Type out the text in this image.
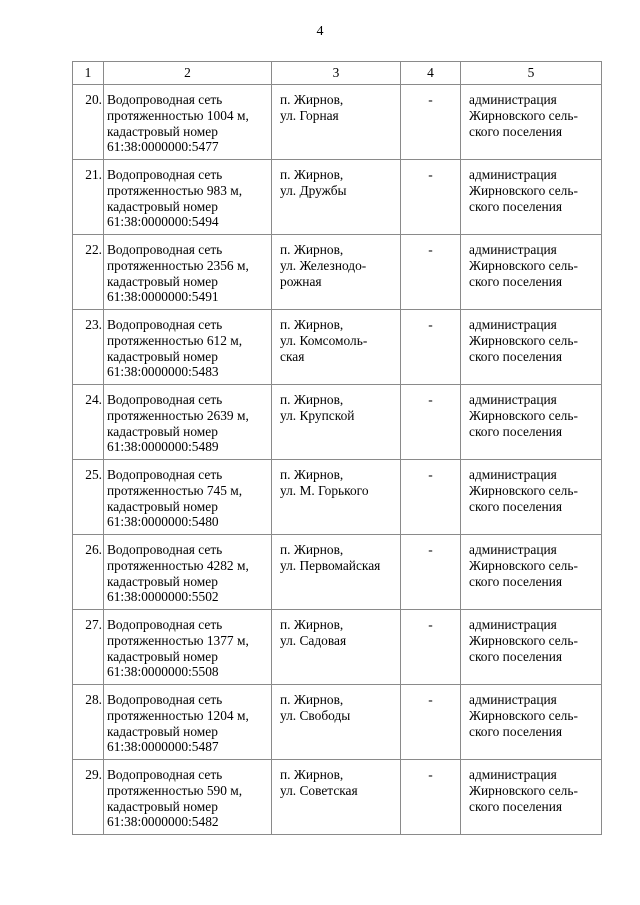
4
1	2	3	4	5
20.	Водопроводная сеть
протяженностью 1004 м,
кадастровый номер
61:38:0000000:5477	п. Жирнов,
ул. Горная	-	администрация
Жирновского сель-
ского поселения

21.	Водопроводная сеть
протяженностью 983 м,
кадастровый номер
61:38:0000000:5494	п. Жирнов,
ул. Дружбы	-	администрация
Жирновского сель-
ского поселения

22.	Водопроводная сеть
протяженностью 2356 м,
кадастровый номер
61:38:0000000:5491	п. Жирнов,
ул. Железнодо-
рожная	-	администрация
Жирновского сель-
ского поселения

23.	Водопроводная сеть
протяженностью 612 м,
кадастровый номер
61:38:0000000:5483	п. Жирнов,
ул. Комсомоль-
ская	-	администрация
Жирновского сель-
ского поселения

24.	Водопроводная сеть
протяженностью 2639 м,
кадастровый номер
61:38:0000000:5489	п. Жирнов,
ул. Крупской	-	администрация
Жирновского сель-
ского поселения

25.	Водопроводная сеть
протяженностью 745 м,
кадастровый номер
61:38:0000000:5480	п. Жирнов,
ул. М. Горького	-	администрация
Жирновского сель-
ского поселения

26.	Водопроводная сеть
протяженностью 4282 м,
кадастровый номер
61:38:0000000:5502	п. Жирнов,
ул. Первомайская	-	администрация
Жирновского сель-
ского поселения

27.	Водопроводная сеть
протяженностью 1377 м,
кадастровый номер
61:38:0000000:5508	п. Жирнов,
ул. Садовая	-	администрация
Жирновского сель-
ского поселения

28.	Водопроводная сеть
протяженностью 1204 м,
кадастровый номер
61:38:0000000:5487	п. Жирнов,
ул. Свободы	-	администрация
Жирновского сель-
ского поселения

29.	Водопроводная сеть
протяженностью 590 м,
кадастровый номер
61:38:0000000:5482	п. Жирнов,
ул. Советская	-	администрация
Жирновского сель-
ского поселения
